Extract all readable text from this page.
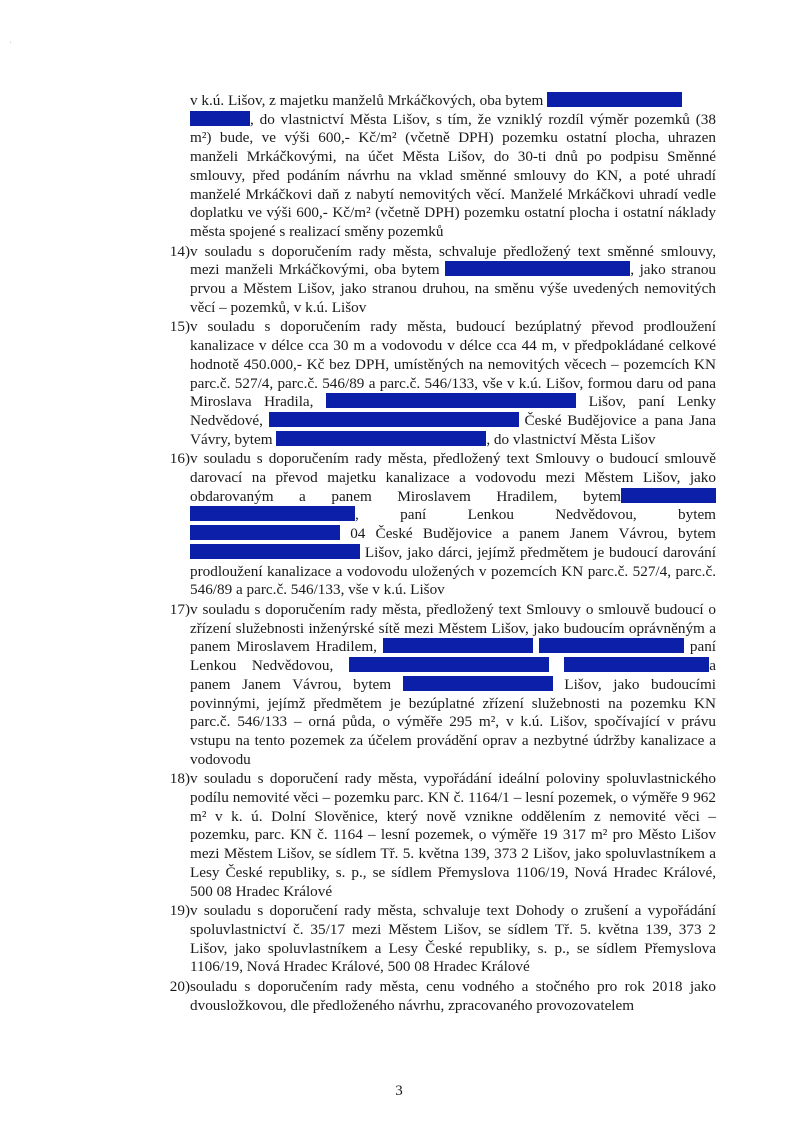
'
v k.ú. Lišov, z majetku manželů Mrkáčkových, oba bytem
, do vlastnictví Města Lišov, s tím, že vzniklý rozdíl výměr pozemků (38 m²) bude, ve výši 600,- Kč/m² (včetně DPH) pozemku ostatní plocha, uhrazen manželi Mrkáčkovými, na účet Města Lišov, do 30-ti dnů po podpisu Směnné smlouvy, před podáním návrhu na vklad směnné smlouvy do KN, a poté uhradí manželé Mrkáčkovi daň z nabytí nemovitých věcí. Manželé Mrkáčkovi uhradí vedle doplatku ve výši 600,- Kč/m² (včetně DPH) pozemku ostatní plocha i ostatní náklady města spojené s realizací směny pozemků
14) v souladu s doporučením rady města, schvaluje předložený text směnné smlouvy, mezi manželi Mrkáčkovými, oba bytem	, jako stranou prvou a Městem Lišov, jako stranou druhou, na směnu výše uvedených nemovitých věcí – pozemků, v k.ú. Lišov
15) v souladu s doporučením rady města, budoucí bezúplatný převod prodloužení kanalizace v délce cca 30 m a vodovodu v délce cca 44 m, v předpokládané celkové hodnotě 450.000,- Kč bez DPH, umístěných na nemovitých věcech – pozemcích KN parc.č. 527/4, parc.č. 546/89 a parc.č. 546/133, vše v k.ú. Lišov, formou daru od pana Miroslava Hradila,	Lišov, paní Lenky Nedvědové,	České Budějovice a pana Jana Vávry, bytem	, do vlastnictví Města Lišov
16) v souladu s doporučením rady města, předložený text Smlouvy o budoucí smlouvě darovací na převod majetku kanalizace a vodovodu mezi Městem Lišov, jako obdarovaným a panem Miroslavem Hradilem, bytem , paní Lenkou Nedvědovou, bytem  04 České Budějovice a panem Janem Vávrou, bytem Lišov, jako dárci, jejímž předmětem je budoucí darování prodloužení kanalizace a vodovodu uložených v pozemcích KN parc.č. 527/4, parc.č. 546/89 a parc.č. 546/133, vše v k.ú. Lišov
17) v souladu s doporučením rady města, předložený text Smlouvy o smlouvě budoucí o zřízení služebnosti inženýrské sítě mezi Městem Lišov, jako budoucím oprávněným a panem Miroslavem Hradilem,	paní Lenkou Nedvědovou,	a panem Janem Vávrou, bytem	Lišov, jako budoucími povinnými, jejímž předmětem je bezúplatné zřízení služebnosti na pozemku KN parc.č. 546/133 – orná půda, o výměře 295 m², v k.ú. Lišov, spočívající v právu vstupu na tento pozemek za účelem provádění oprav a nezbytné údržby kanalizace a vodovodu
18) v souladu s doporučení rady města, vypořádání ideální poloviny spoluvlastnického podílu nemovité věci – pozemku parc. KN č. 1164/1 – lesní pozemek, o výměře 9 962 m² v k. ú. Dolní Slověnice, který nově vznikne oddělením z nemovité věci – pozemku, parc. KN č. 1164 – lesní pozemek, o výměře 19 317 m² pro Město Lišov mezi Městem Lišov, se sídlem Tř. 5. května 139, 373 2 Lišov, jako spoluvlastníkem a Lesy České republiky, s. p., se sídlem Přemyslova 1106/19, Nová Hradec Králové, 500 08 Hradec Králové
19) v souladu s doporučení rady města, schvaluje text Dohody o zrušení a vypořádání spoluvlastnictví č. 35/17 mezi Městem Lišov, se sídlem Tř. 5. května 139, 373 2 Lišov, jako spoluvlastníkem a Lesy České republiky, s. p., se sídlem Přemyslova 1106/19, Nová Hradec Králové, 500 08 Hradec Králové
20) souladu s doporučením rady města, cenu vodného a stočného pro rok 2018 jako dvousložkovou, dle předloženého návrhu, zpracovaného provozovatelem
3
